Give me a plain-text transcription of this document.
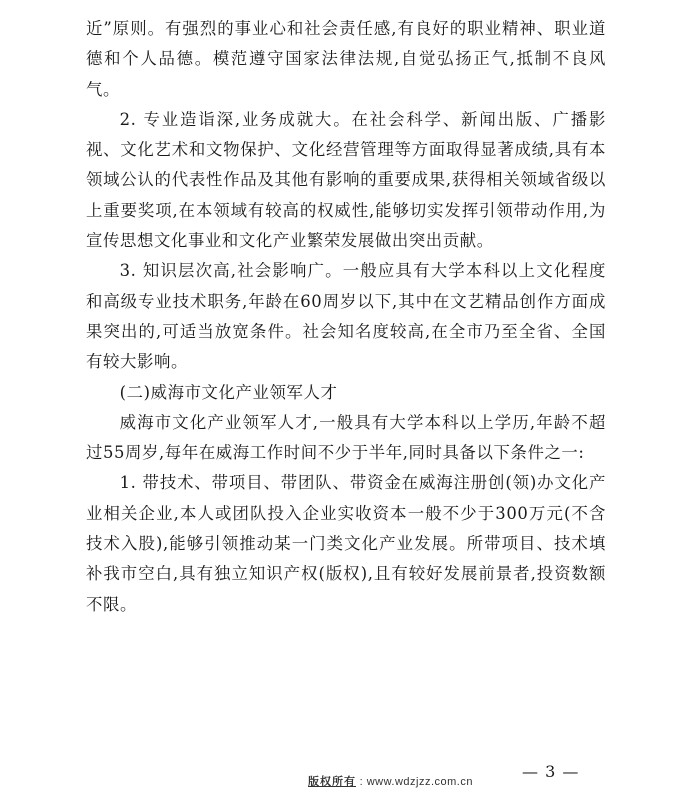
近”原则。有强烈的事业心和社会责任感,有良好的职业精神、职业道德和个人品德。模范遵守国家法律法规,自觉弘扬正气,抵制不良风气。

2. 专业造诣深,业务成就大。在社会科学、新闻出版、广播影视、文化艺术和文物保护、文化经营管理等方面取得显著成绩,具有本领域公认的代表性作品及其他有影响的重要成果,获得相关领域省级以上重要奖项,在本领域有较高的权威性,能够切实发挥引领带动作用,为宣传思想文化事业和文化产业繁荣发展做出突出贡献。

3. 知识层次高,社会影响广。一般应具有大学本科以上文化程度和高级专业技术职务,年龄在60周岁以下,其中在文艺精品创作方面成果突出的,可适当放宽条件。社会知名度较高,在全市乃至全省、全国有较大影响。

(二)威海市文化产业领军人才

威海市文化产业领军人才,一般具有大学本科以上学历,年龄不超过55周岁,每年在威海工作时间不少于半年,同时具备以下条件之一:

1. 带技术、带项目、带团队、带资金在威海注册创(领)办文化产业相关企业,本人或团队投入企业实收资本一般不少于300万元(不含技术入股),能够引领推动某一门类文化产业发展。所带项目、技术填补我市空白,具有独立知识产权(版权),且有较好发展前景者,投资数额不限。

版权所有 : www.wdzjzz.com.cn
— 3 —
